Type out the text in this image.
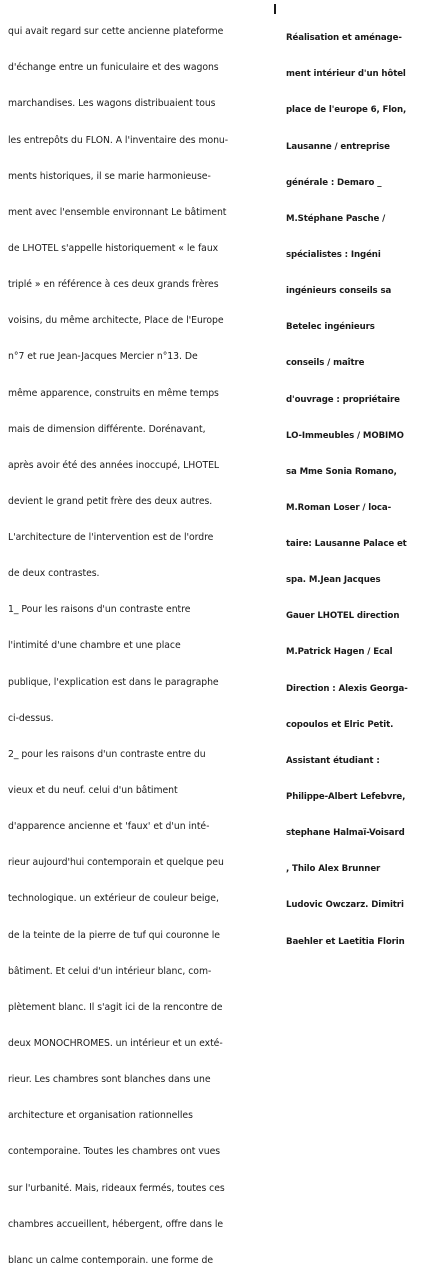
qui avait regard sur cette ancienne plateforme

d'échange entre un funiculaire et des wagons

marchandises. Les wagons distribuaient tous

les entrepôts du FLON. A l'inventaire des monu-

ments historiques, il se marie harmonieuse-

ment avec l'ensemble environnant Le bâtiment

de LHOTEL s'appelle historiquement « le faux

triplé » en référence à ces deux grands frères

voisins, du même architecte, Place de l'Europe

n°7 et rue Jean-Jacques Mercier n°13. De

même apparence, construits en même temps

mais de dimension différente. Dorénavant,

après avoir été des années inoccupé, LHOTEL

devient le grand petit frère des deux autres.

L'architecture de l'intervention est de l'ordre

de deux contrastes.

1_ Pour les raisons d'un contraste entre

l'intimité d'une chambre et une place

publique, l'explication est dans le paragraphe

ci-dessus.

2_ pour les raisons d'un contraste entre du

vieux et du neuf. celui d'un bâtiment

d'apparence ancienne et 'faux' et d'un inté-

rieur aujourd'hui contemporain et quelque peu

technologique. un extérieur de couleur beige,

de la teinte de la pierre de tuf qui couronne le

bâtiment. Et celui d'un intérieur blanc, com-

plètement blanc. Il s'agit ici de la rencontre de

deux MONOCHROMES. un intérieur et un exté-

rieur. Les chambres sont blanches dans une

architecture et organisation rationnelles

contemporaine. Toutes les chambres ont vues

sur l'urbanité. Mais, rideaux fermés, toutes ces

chambres accueillent, hébergent, offre dans le

blanc un calme contemporain. une forme de

Réalisation et aménage-

ment intérieur d'un hôtel

place de l'europe 6, Flon,

Lausanne / entreprise

générale : Demaro _

M.Stéphane Pasche /

spécialistes : Ingéni

ingénieurs conseils sa

Betelec ingénieurs

conseils / maître

d'ouvrage : propriétaire

LO-Immeubles / MOBIMO

sa Mme Sonia Romano,

M.Roman Loser / loca-

taire: Lausanne Palace et

spa. M.Jean Jacques

Gauer LHOTEL direction

M.Patrick Hagen / Ecal

Direction : Alexis Georga-

copoulos et Elric Petit.

Assistant étudiant :

Philippe-Albert Lefebvre,

stephane Halmaï-Voisard

, Thilo Alex Brunner

Ludovic Owczarz. Dimitri

Baehler et Laetitia Florin
